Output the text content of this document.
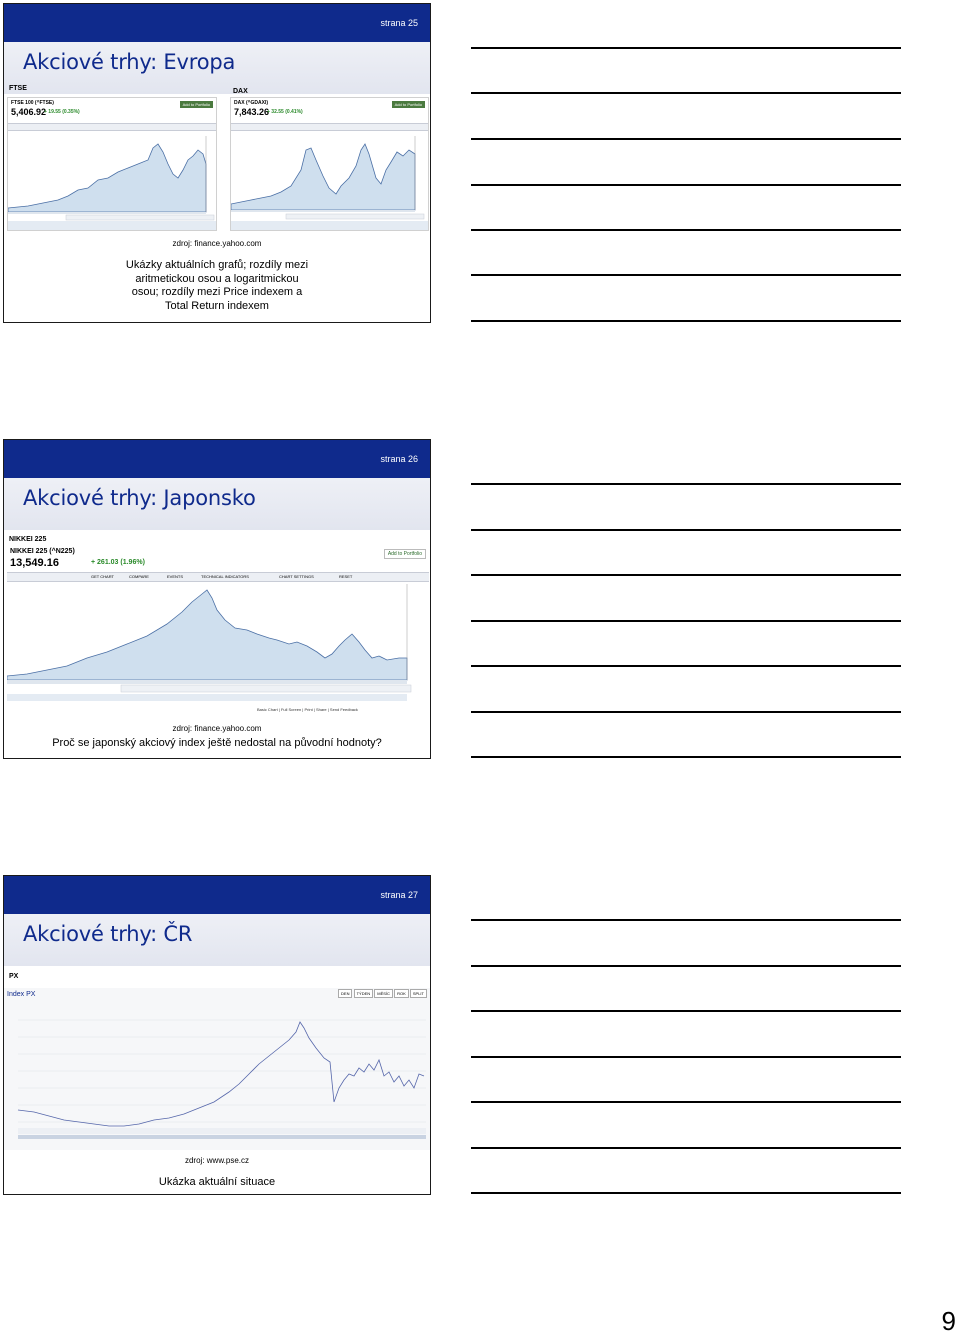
strana 25
Akciové trhy: Evropa
FTSE	DAX
FTSE 100 (^FTSE)
5,406.92
+ 19.55 (0.35%)
Add to Portfolio	DAX (^GDAXI)
7,843.26
+ 32.55 (0.41%)
Add to Portfolio
zdroj: finance.yahoo.com
Ukázky aktuálních grafů; rozdíly mezi
aritmetickou osou a logaritmickou
osou; rozdíly mezi Price indexem a
Total Return indexem
strana 26
Akciové trhy: Japonsko
NIKKEI 225
NIKKEI 225 (^N225)
13,549.16	+ 261.03 (1.96%)
Add to Portfolio
GET CHART	COMPARE	EVENTS	TECHNICAL INDICATORS	CHART SETTINGS	RESET
Basic Chart | Full Screen | Print | Share | Send Feedback
zdroj: finance.yahoo.com
Proč se japonský akciový index ještě nedostal na původní hodnoty?
strana 27
Akciové trhy: ČR
PX
Index PX	DEN TÝDEN MĚSÍC ROK SPLIT
zdroj: www.pse.cz
Ukázka aktuální situace
9
